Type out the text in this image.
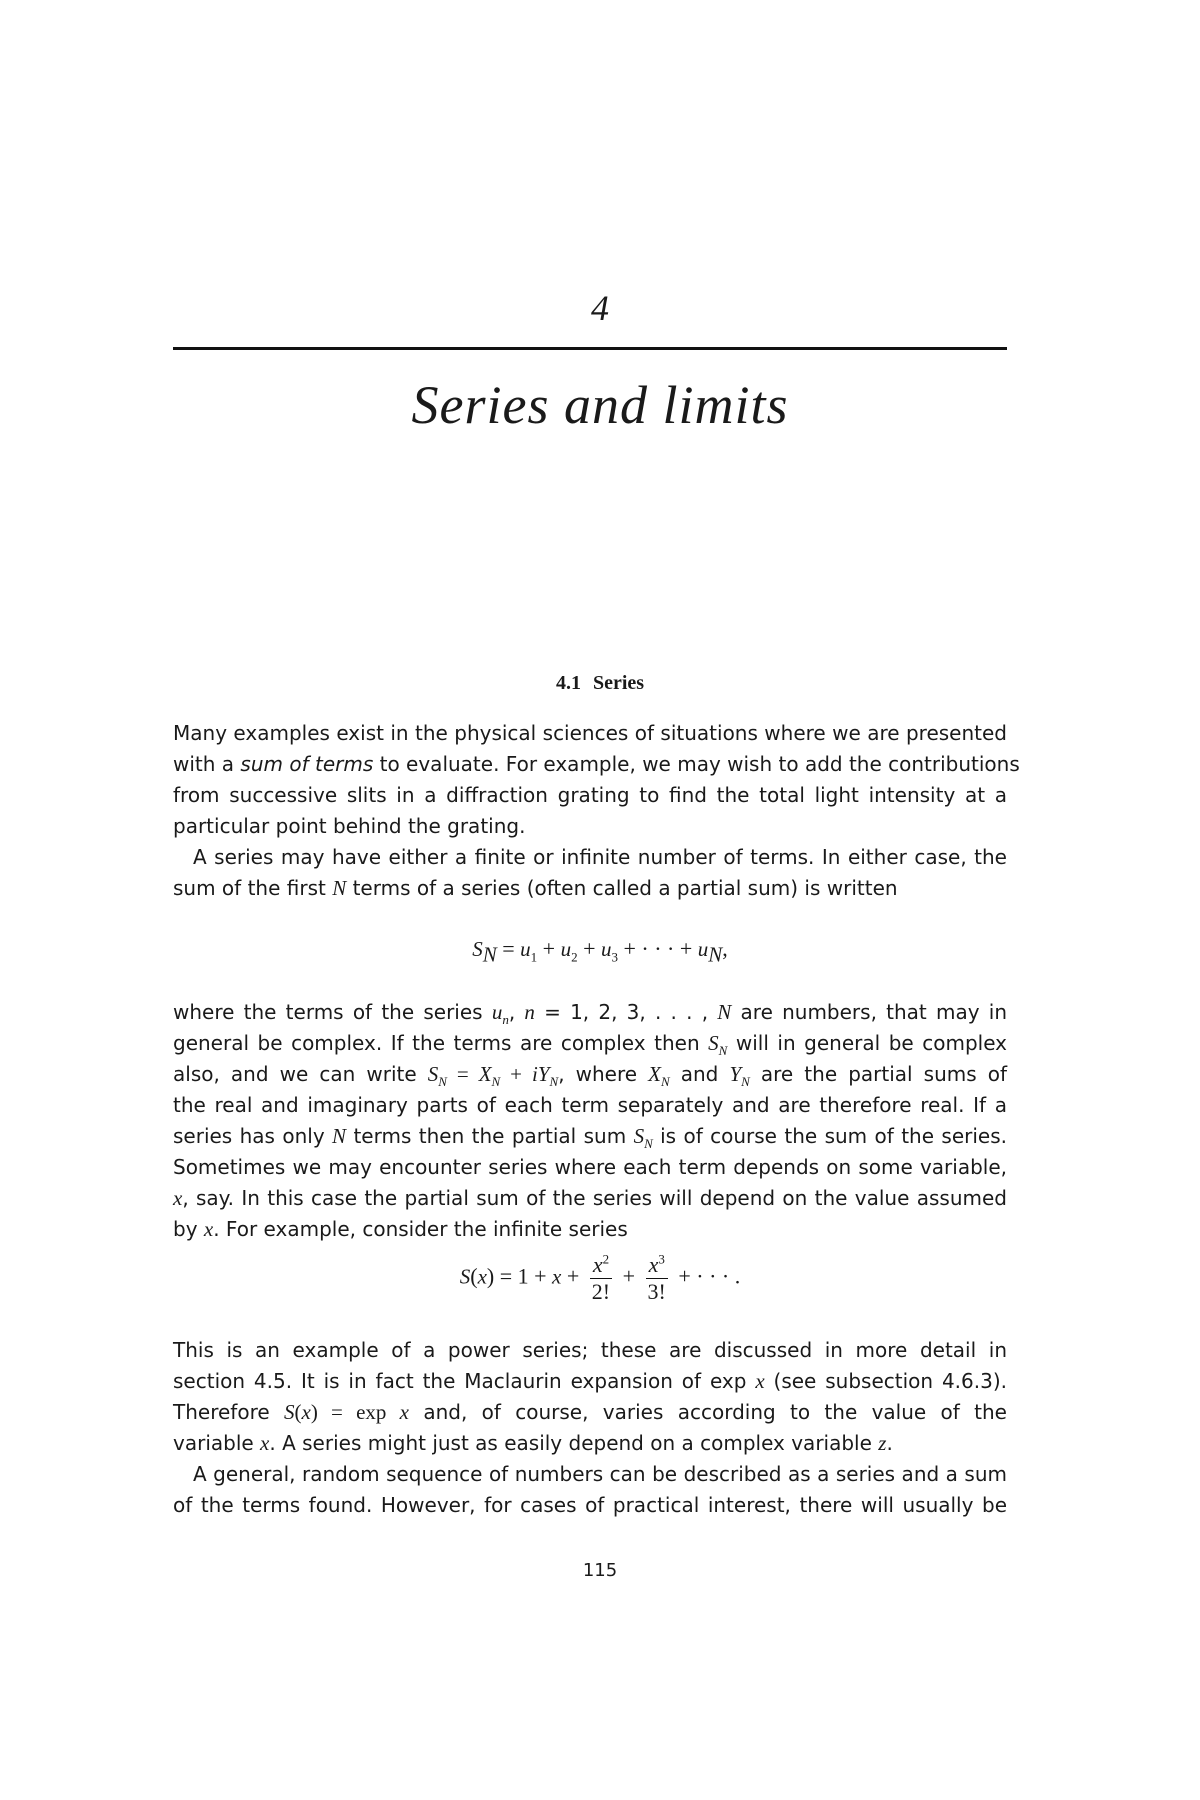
4
Series and limits
4.1 Series
Many examples exist in the physical sciences of situations where we are presented
with a sum of terms to evaluate. For example, we may wish to add the contributions
from successive slits in a diffraction grating to find the total light intensity at a
particular point behind the grating.
A series may have either a finite or infinite number of terms. In either case, the
sum of the first N terms of a series (often called a partial sum) is written
$S_N = u_1 + u_2 + u_3$ + · · · + $u_N$,
where the terms of the series $u_n$, n = 1, 2, 3, . . . , N are numbers, that may in
general be complex. If the terms are complex then $S_N$ will in general be complex
also, and we can write $S_N = X_N + iY_N$, where $X_N$ and $Y_N$ are the partial sums of
the real and imaginary parts of each term separately and are therefore real. If a
series has only N terms then the partial sum $S_N$ is of course the sum of the series.
Sometimes we may encounter series where each term depends on some variable,
x, say. In this case the partial sum of the series will depend on the value assumed
by x. For example, consider the infinite series
$S(x) = 1 + x + \frac{x^2}{2!} + \frac{x^3}{3!}$ + · · · .
This is an example of a power series; these are discussed in more detail in
section 4.5. It is in fact the Maclaurin expansion of exp x (see subsection 4.6.3).
Therefore S(x) = exp x and, of course, varies according to the value of the
variable x. A series might just as easily depend on a complex variable z.
A general, random sequence of numbers can be described as a series and a sum
of the terms found. However, for cases of practical interest, there will usually be
115
